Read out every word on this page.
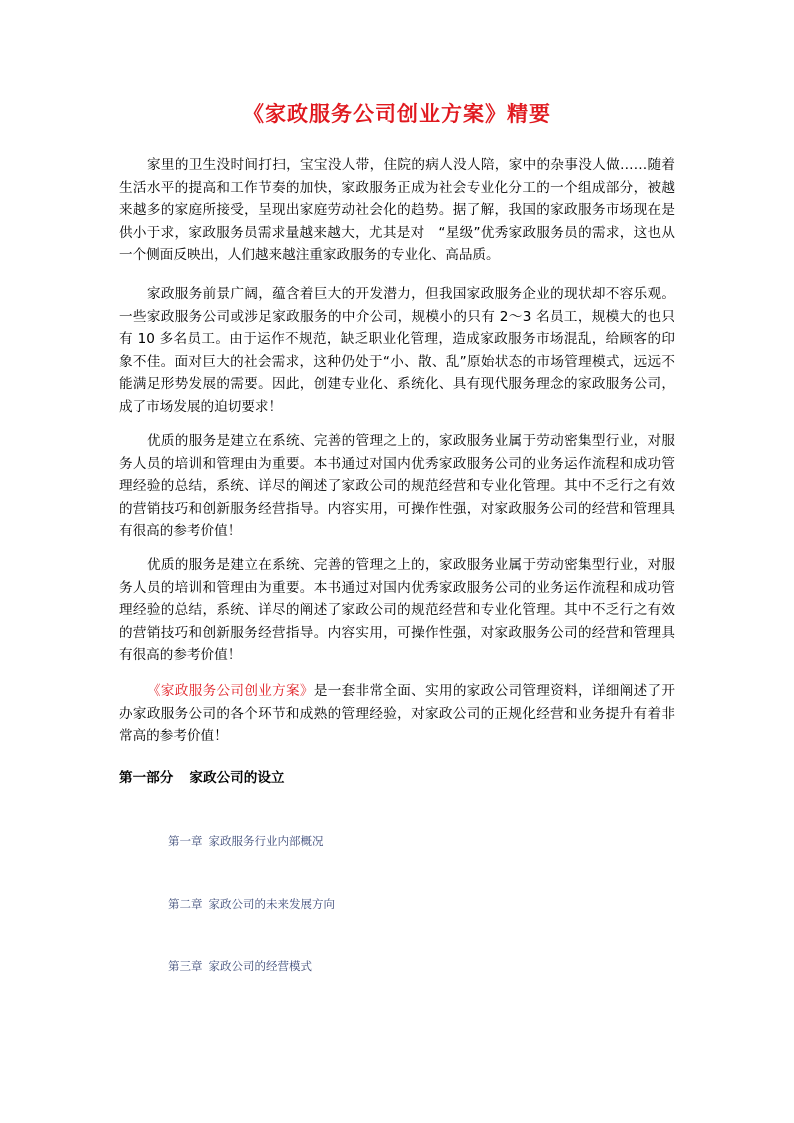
《家政服务公司创业方案》精要

家里的卫生没时间打扫，宝宝没人带，住院的病人没人陪，家中的杂事没人做……随着生活水平的提高和工作节奏的加快，家政服务正成为社会专业化分工的一个组成部分，被越来越多的家庭所接受，呈现出家庭劳动社会化的趋势。据了解，我国的家政服务市场现在是供小于求，家政服务员需求量越来越大，尤其是对　“星级”优秀家政服务员的需求，这也从一个侧面反映出，人们越来越注重家政服务的专业化、高品质。

家政服务前景广阔，蕴含着巨大的开发潜力，但我国家政服务企业的现状却不容乐观。一些家政服务公司或涉足家政服务的中介公司，规模小的只有 2～3 名员工，规模大的也只有 10 多名员工。由于运作不规范，缺乏职业化管理，造成家政服务市场混乱，给顾客的印象不佳。面对巨大的社会需求，这种仍处于“小、散、乱”原始状态的市场管理模式，远远不能满足形势发展的需要。因此，创建专业化、系统化、具有现代服务理念的家政服务公司，成了市场发展的迫切要求！

优质的服务是建立在系统、完善的管理之上的，家政服务业属于劳动密集型行业，对服务人员的培训和管理由为重要。本书通过对国内优秀家政服务公司的业务运作流程和成功管理经验的总结，系统、详尽的阐述了家政公司的规范经营和专业化管理。其中不乏行之有效的营销技巧和创新服务经营指导。内容实用，可操作性强，对家政服务公司的经营和管理具有很高的参考价值！

优质的服务是建立在系统、完善的管理之上的，家政服务业属于劳动密集型行业，对服务人员的培训和管理由为重要。本书通过对国内优秀家政服务公司的业务运作流程和成功管理经验的总结，系统、详尽的阐述了家政公司的规范经营和专业化管理。其中不乏行之有效的营销技巧和创新服务经营指导。内容实用，可操作性强，对家政服务公司的经营和管理具有很高的参考价值！

《家政服务公司创业方案》是一套非常全面、实用的家政公司管理资料，详细阐述了开办家政服务公司的各个环节和成熟的管理经验，对家政公司的正规化经营和业务提升有着非常高的参考价值！

第一部分 家政公司的设立
第一章 家政服务行业内部概况
第二章 家政公司的未来发展方向
第三章 家政公司的经营模式
